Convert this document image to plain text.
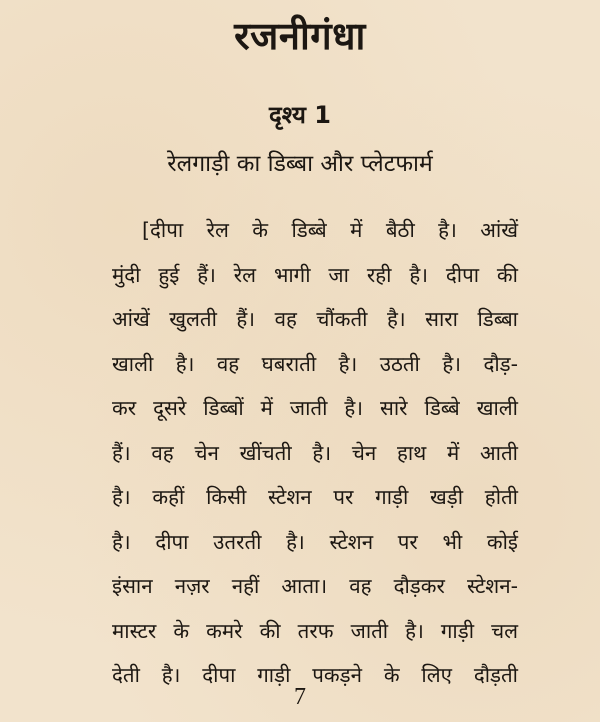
रजनीगंधा
दृश्य 1
रेलगाड़ी का डिब्बा और प्लेटफार्म
[दीपा रेल के डिब्बे में बैठी है। आंखें
मुंदी हुई हैं। रेल भागी जा रही है। दीपा की
आंखें खुलती हैं। वह चौंकती है। सारा डिब्बा
खाली है। वह घबराती है। उठती है। दौड़-
कर दूसरे डिब्बों में जाती है। सारे डिब्बे खाली
हैं। वह चेन खींचती है। चेन हाथ में आती
है। कहीं किसी स्टेशन पर गाड़ी खड़ी होती
है। दीपा उतरती है। स्टेशन पर भी कोई
इंसान नज़र नहीं आता। वह दौड़कर स्टेशन-
मास्टर के कमरे की तरफ जाती है। गाड़ी चल
देती है। दीपा गाड़ी पकड़ने के लिए दौड़ती
7
